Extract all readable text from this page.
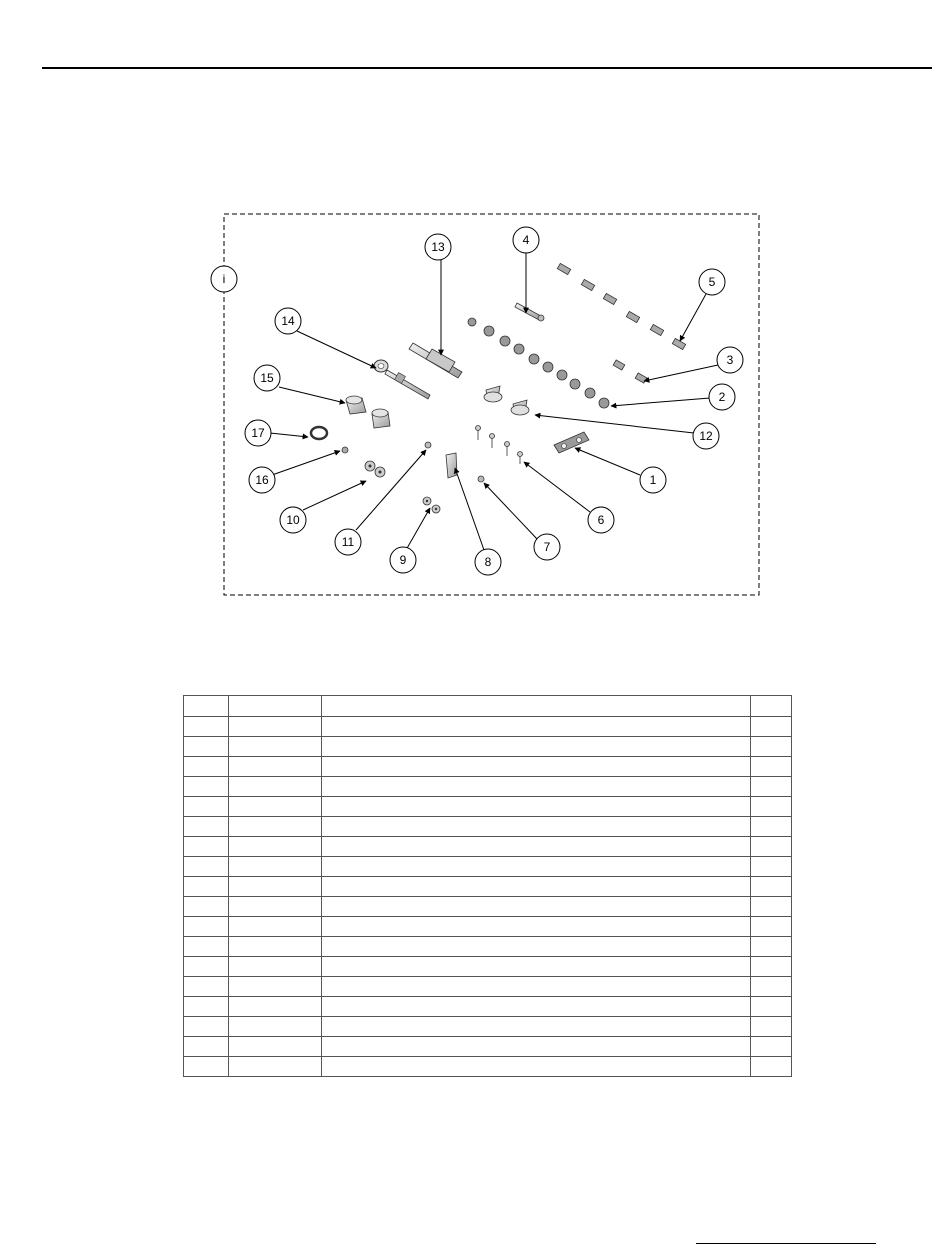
i
1
2
3
4
5
6
7
8
9
10
11
12
13
14
15
16
17
